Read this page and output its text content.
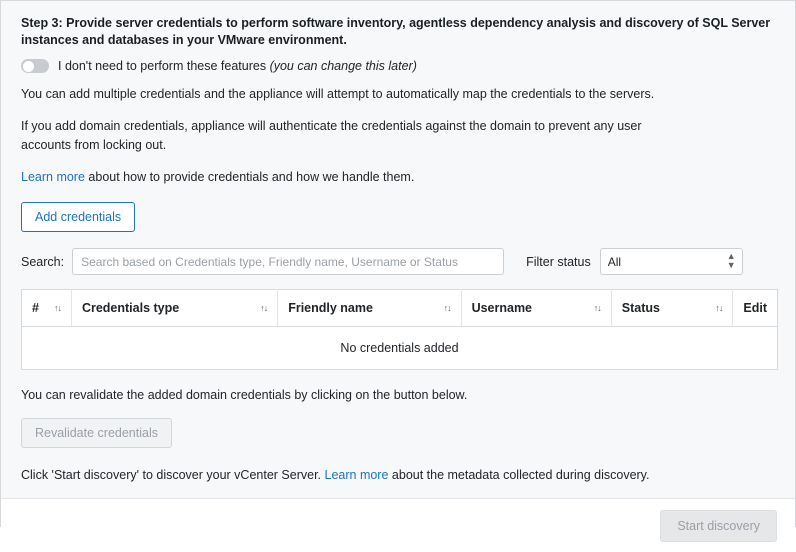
Step 3: Provide server credentials to perform software inventory, agentless dependency analysis and discovery of SQL Server instances and databases in your VMware environment.

I don't need to perform these features (you can change this later)

You can add multiple credentials and the appliance will attempt to automatically map the credentials to the servers.

If you add domain credentials, appliance will authenticate the credentials against the domain to prevent any user accounts from locking out.

Learn more about how to provide credentials and how we handle them.

Add credentials
Search:
Search based on Credentials type, Friendly name, Username or Status	Filter status
All	▲
▼
# ↑↓	Credentials type	↑↓	Friendly name	↑↓	Username	↑↓	Status	↑↓	Edit

No credentials added

You can revalidate the added domain credentials by clicking on the button below.

Revalidate credentials

Click 'Start discovery' to discover your vCenter Server. Learn more about the metadata collected during discovery.

Start discovery
